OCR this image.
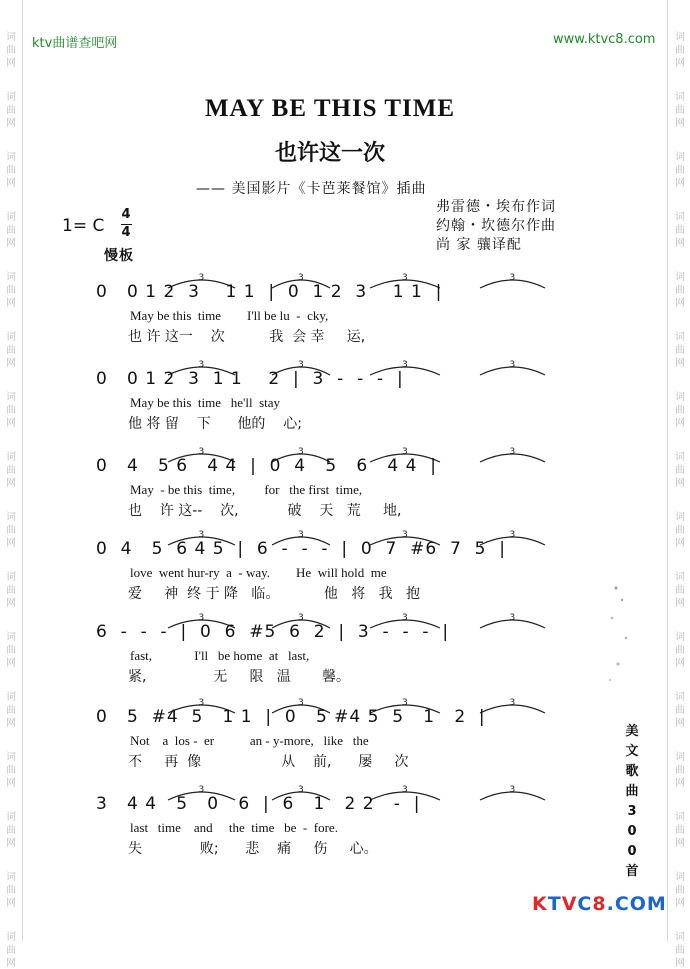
词
曲
网
词
曲
网
词
曲
网
词
曲
网
词
曲
网
词
曲
网
词
曲
网
词
曲
网
词
曲
网
词
曲
网
词
曲
网
词
曲
网
词
曲
网
词
曲
网
词
曲
网
词
曲
网
词
曲
网
词
曲
网
词
曲
网
词
曲
网
词
曲
网
词
曲
网
词
曲
网
词
曲
网
词
曲
网
词
曲
网
词
曲
网
词
曲
网
词
曲
网
词
曲
网
词
曲
网
词
曲
网
ktv曲谱查吧网	www.ktvc8.com
MAY BE THIS TIME
也许这一次
—— 美国影片《卡芭莱餐馆》插曲
弗雷德・埃布作词
约翰・坎德尔作曲
尚 家 骧译配
1= C
4
4
慢板
3	3	3	3
0   0 1 2  3    1 1  |  0  1 2  3    1 1  |
May be this  time        I'll be lu  -  cky,
也 许 这一    次          我  会 幸     运,
3	3	3	3
0   0 1 2  3  1 1    2  |  3  -  -  -  |
May be this  time   he'll  stay
他 将 留    下      他的    心;
3	3	3	3
0   4   5 6   4 4  |  0  4   5   6   4 4  |
May  - be this  time,         for   the first  time,
也    许 这--    次,           破    天   荒     地,
3	3	3	3
0  4   5  6 4 5  |  6  -  -  -  |  0  7  #6  7  5  |
love  went hur-ry  a  - way.        He  will hold  me
爱     神  终 于 降   临。          他   将   我   抱
3	3	3	3
6  -  -  -  |  0  6  #5  6  2  |  3  -  -  -  |
fast,             I'll   be home  at   last,
紧,               无     限   温       馨。
3	3	3	3
0   5  #4  5   1 1  |  0   5 #4 5  5   1   2  |
Not    a  los -  er           an - y-more,   like   the
不     再  像                  从    前,      屡     次
3	3	3	3
3   4 4   5   0   6  |  6   1   2 2   -  |
last   time    and     the  time   be  -  fore.
失             败;      悲    痛     伤     心。
美
文
歌
曲
3
0
0
首
KTVC8.COM
